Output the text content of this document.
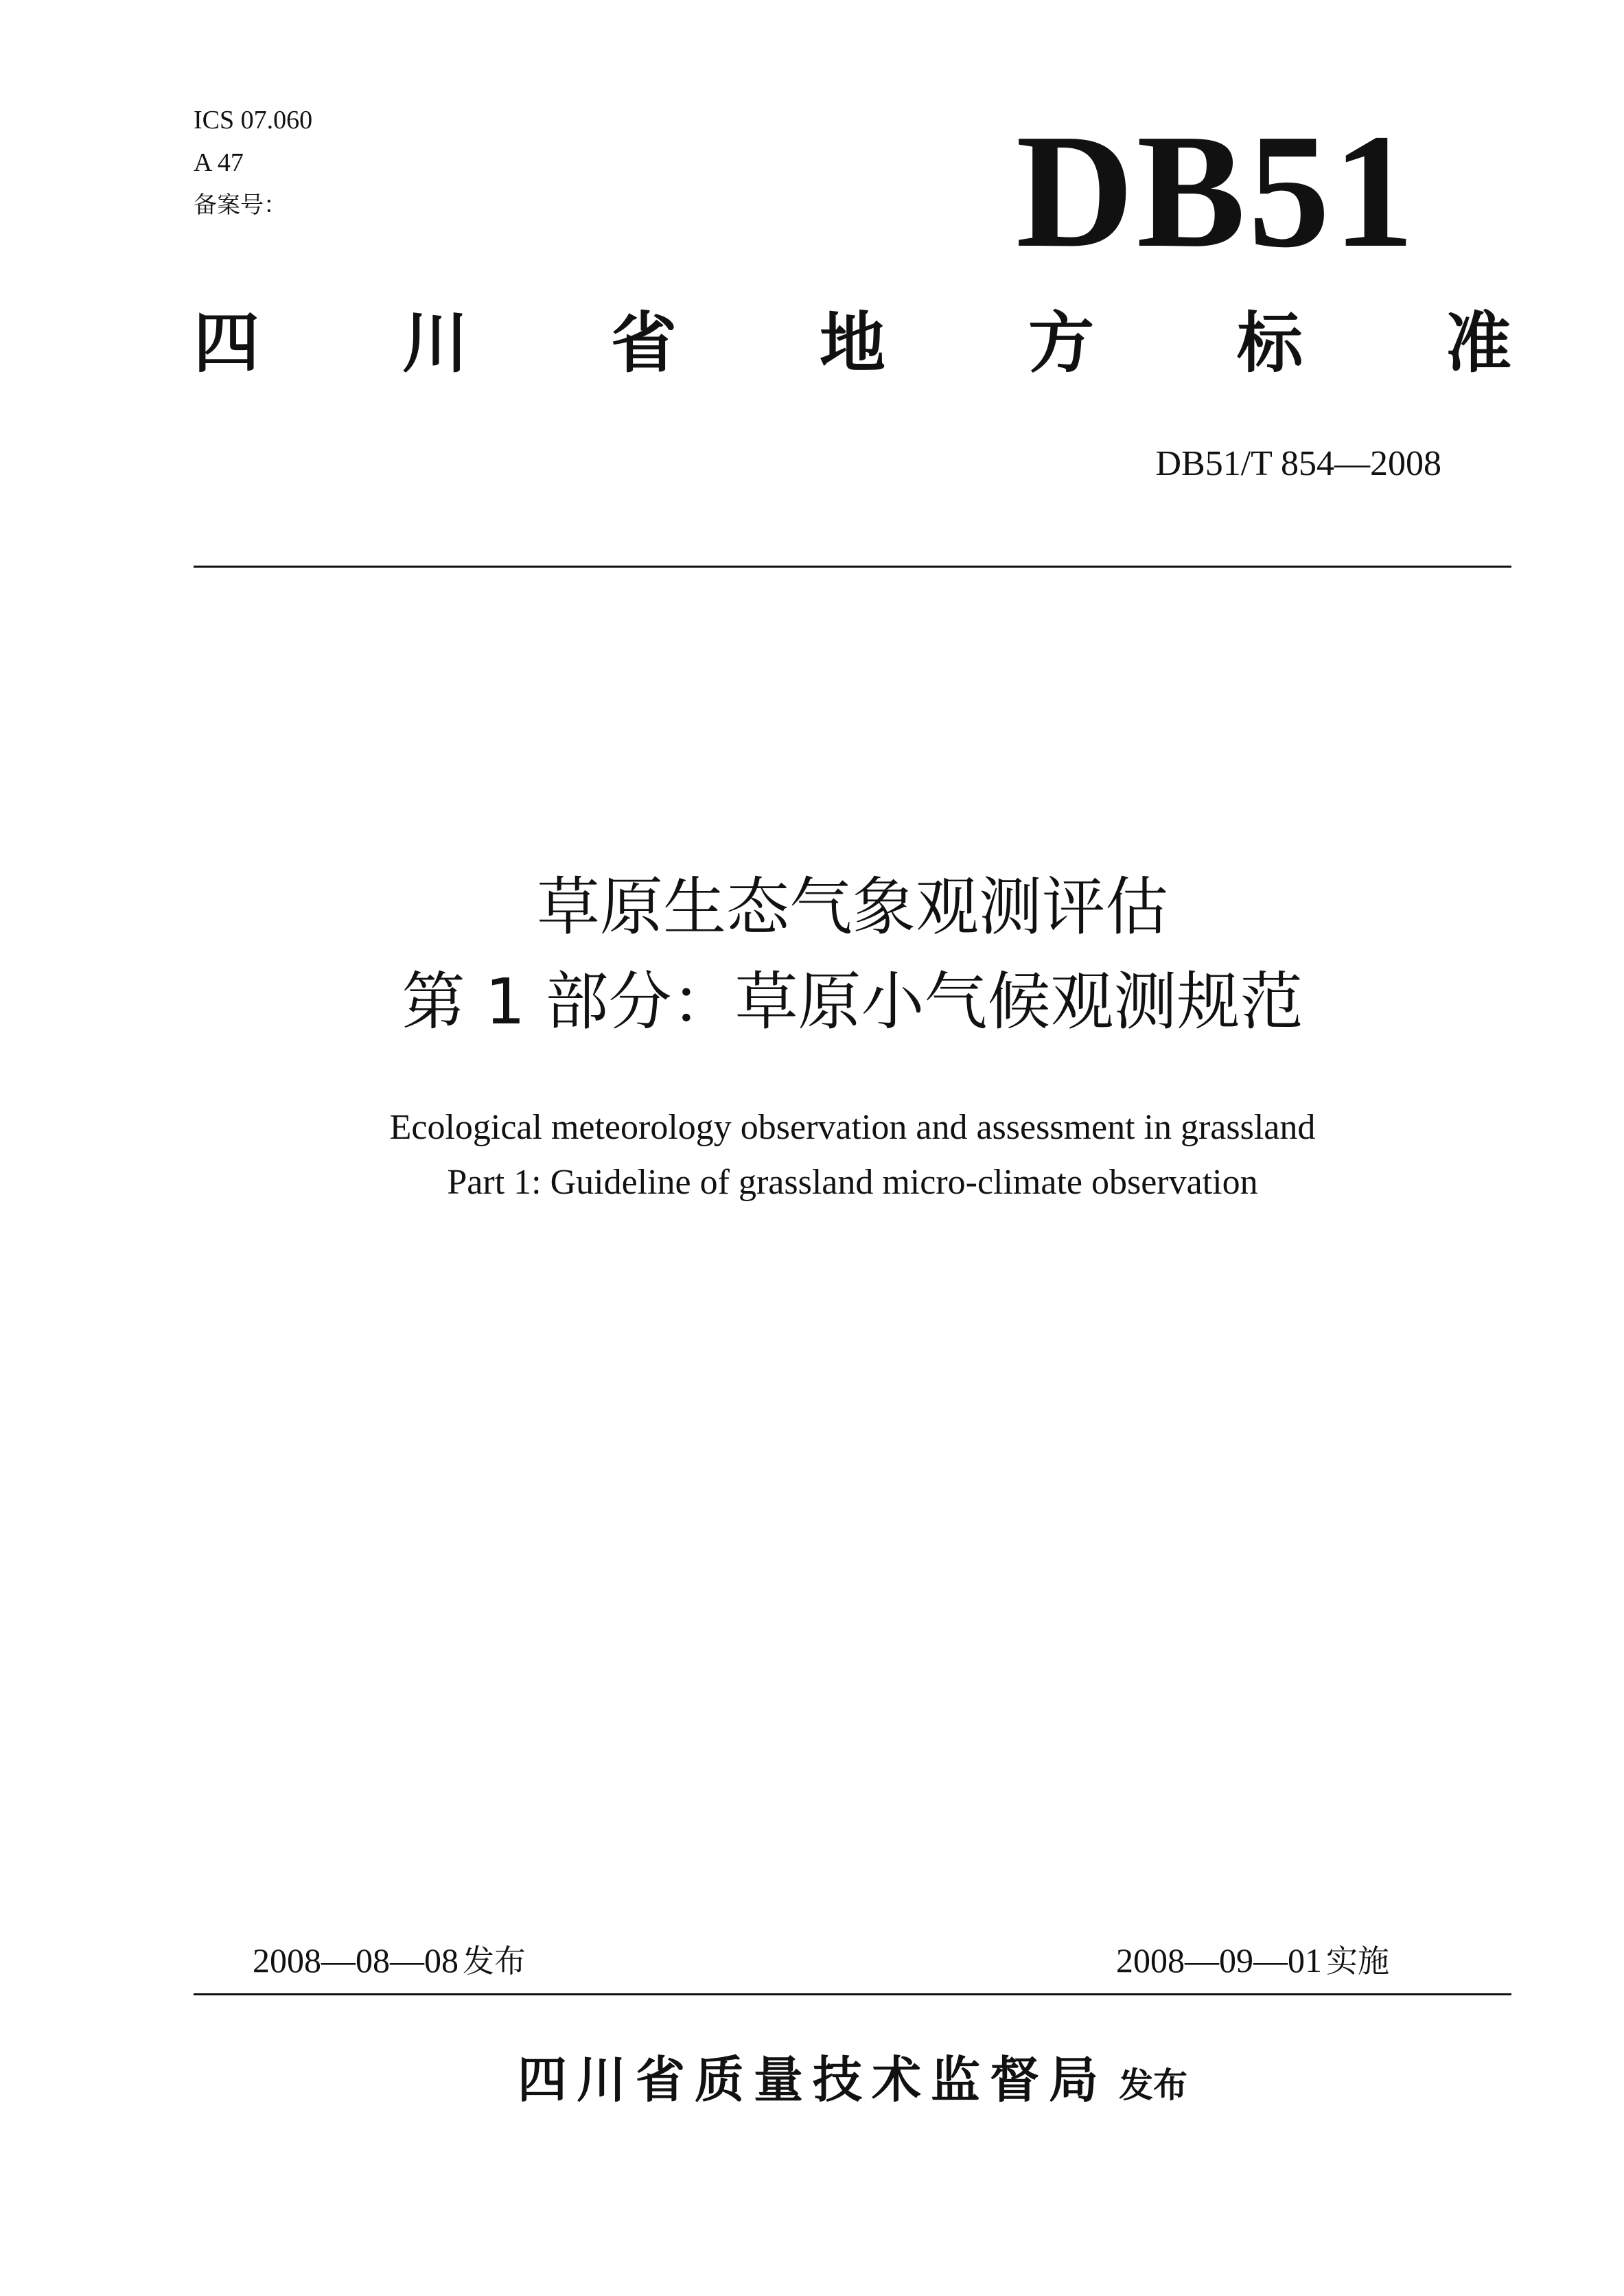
ICS 07.060
A 47
备案号：	DB51
四 川 省 地 方 标 准
DB51/T 854—2008
草原生态气象观测评估
第 1 部分：草原小气候观测规范
Ecological meteorology observation and assessment in grassland
Part 1: Guideline of grassland micro-climate observation
2008—08—08 发布	2008—09—01 实施
四川省质量技术监督局 发布
